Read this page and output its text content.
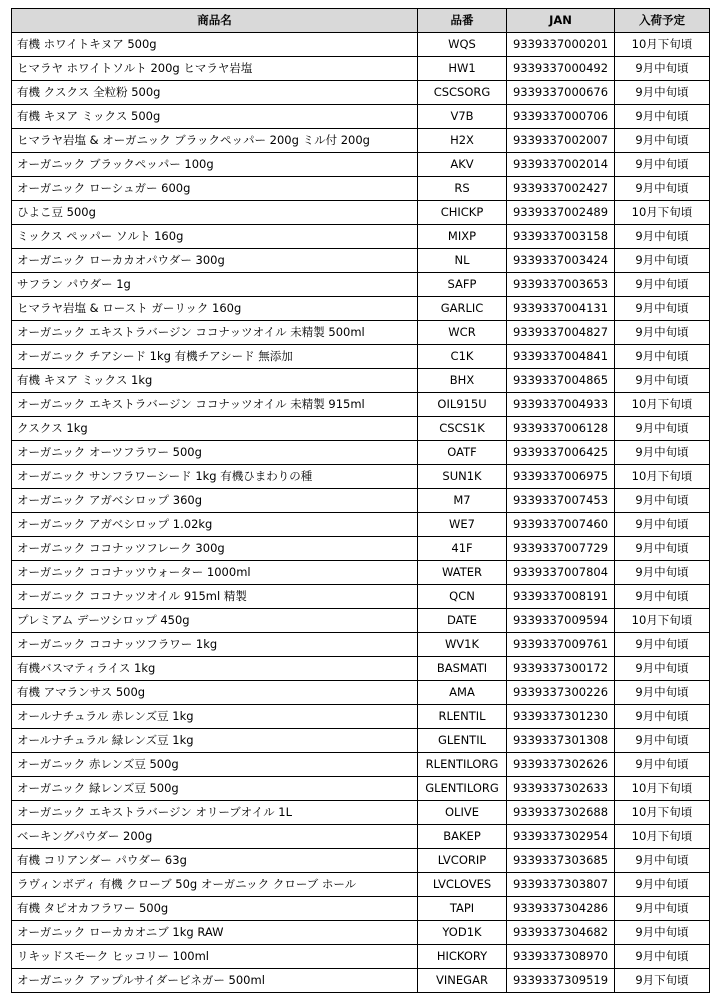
商品名	品番	JAN	入荷予定
有機 ホワイトキヌア 500g	WQS	9339337000201	10月下旬頃
ヒマラヤ ホワイトソルト 200g ヒマラヤ岩塩	HW1	9339337000492	9月中旬頃
有機 クスクス 全粒粉 500g	CSCSORG	9339337000676	9月中旬頃
有機 キヌア ミックス 500g	V7B	9339337000706	9月中旬頃
ヒマラヤ岩塩 & オーガニック ブラックペッパー 200g ミル付 200g	H2X	9339337002007	9月中旬頃
オーガニック ブラックペッパー 100g	AKV	9339337002014	9月中旬頃
オーガニック ローシュガー 600g	RS	9339337002427	9月中旬頃
ひよこ豆 500g	CHICKP	9339337002489	10月下旬頃
ミックス ペッパー ソルト 160g	MIXP	9339337003158	9月中旬頃
オーガニック ローカカオパウダー 300g	NL	9339337003424	9月中旬頃
サフラン パウダー 1g	SAFP	9339337003653	9月中旬頃
ヒマラヤ岩塩 & ロースト ガーリック 160g	GARLIC	9339337004131	9月中旬頃
オーガニック エキストラバージン ココナッツオイル 未精製 500ml	WCR	9339337004827	9月中旬頃
オーガニック チアシード 1kg 有機チアシード 無添加	C1K	9339337004841	9月中旬頃
有機 キヌア ミックス 1kg	BHX	9339337004865	9月中旬頃
オーガニック エキストラバージン ココナッツオイル 未精製 915ml	OIL915U	9339337004933	10月下旬頃
クスクス 1kg	CSCS1K	9339337006128	9月中旬頃
オーガニック オーツフラワー 500g	OATF	9339337006425	9月中旬頃
オーガニック サンフラワーシード 1kg 有機ひまわりの種	SUN1K	9339337006975	10月下旬頃
オーガニック アガベシロップ 360g	M7	9339337007453	9月中旬頃
オーガニック アガベシロップ 1.02kg	WE7	9339337007460	9月中旬頃
オーガニック ココナッツフレーク 300g	41F	9339337007729	9月中旬頃
オーガニック ココナッツウォーター 1000ml	WATER	9339337007804	9月中旬頃
オーガニック ココナッツオイル 915ml 精製	QCN	9339337008191	9月中旬頃
プレミアム デーツシロップ 450g	DATE	9339337009594	10月下旬頃
オーガニック ココナッツフラワー 1kg	WV1K	9339337009761	9月中旬頃
有機バスマティライス 1kg	BASMATI	9339337300172	9月中旬頃
有機 アマランサス 500g	AMA	9339337300226	9月中旬頃
オールナチュラル 赤レンズ豆 1kg	RLENTIL	9339337301230	9月中旬頃
オールナチュラル 緑レンズ豆 1kg	GLENTIL	9339337301308	9月中旬頃
オーガニック 赤レンズ豆 500g	RLENTILORG	9339337302626	9月中旬頃
オーガニック 緑レンズ豆 500g	GLENTILORG	9339337302633	10月下旬頃
オーガニック エキストラバージン オリーブオイル 1L	OLIVE	9339337302688	10月下旬頃
ベーキングパウダー 200g	BAKEP	9339337302954	10月下旬頃
有機 コリアンダー パウダー 63g	LVCORIP	9339337303685	9月中旬頃
ラヴィンボディ 有機 クローブ 50g オーガニック クローブ ホール	LVCLOVES	9339337303807	9月中旬頃
有機 タピオカフラワー 500g	TAPI	9339337304286	9月中旬頃
オーガニック ローカカオニブ 1kg RAW	YOD1K	9339337304682	9月中旬頃
リキッドスモーク ヒッコリー 100ml	HICKORY	9339337308970	9月中旬頃
オーガニック アップルサイダービネガー 500ml	VINEGAR	9339337309519	9月下旬頃
